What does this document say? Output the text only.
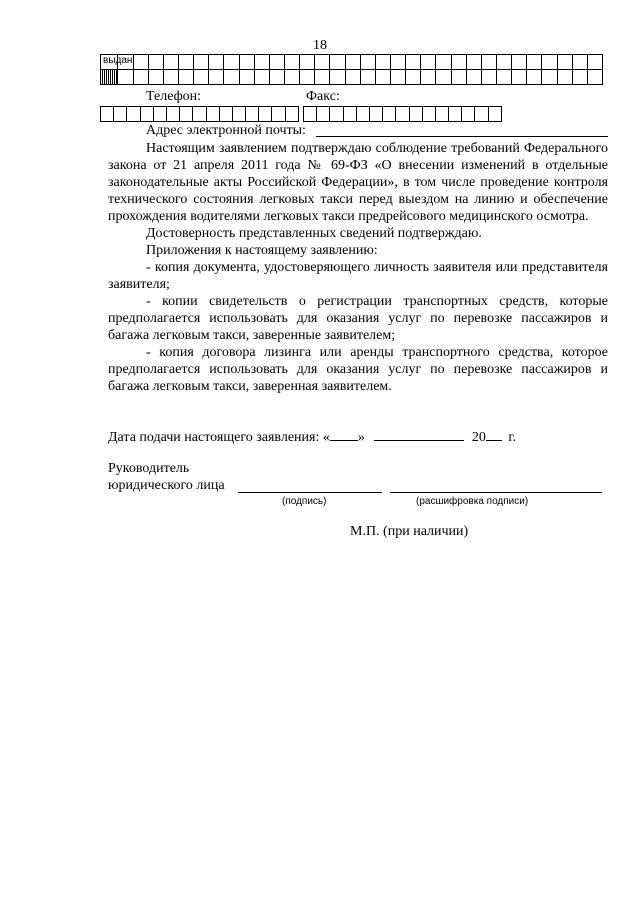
18
выдан																																							

Телефон:	Факс:

Адрес электронной почты:

Настоящим заявлением подтверждаю соблюдение требований Федерального закона от 21 апреля 2011 года № 69-ФЗ «О внесении изменений в отдельные законодательные акты Российской Федерации», в том числе проведение контроля технического состояния легковых такси перед выездом на линию и обеспечение прохождения водителями легковых такси предрейсового медицинского осмотра.

Достоверность представленных сведений подтверждаю.

Приложения к настоящему заявлению:

- копия документа, удостоверяющего личность заявителя или представителя заявителя;

- копии свидетельств о регистрации транспортных средств, которые предполагается использовать для оказания услуг по перевозке пассажиров и багажа легковым такси, заверенные заявителем;

- копия договора лизинга или аренды транспортного средства, которое предполагается использовать для оказания услуг по перевозке пассажиров и багажа легковым такси, заверенная заявителем.

Дата подачи настоящего заявления: « »	20 г.
Руководитель
юридического лица
(подпись)	(расшифровка подписи)
М.П. (при наличии)
